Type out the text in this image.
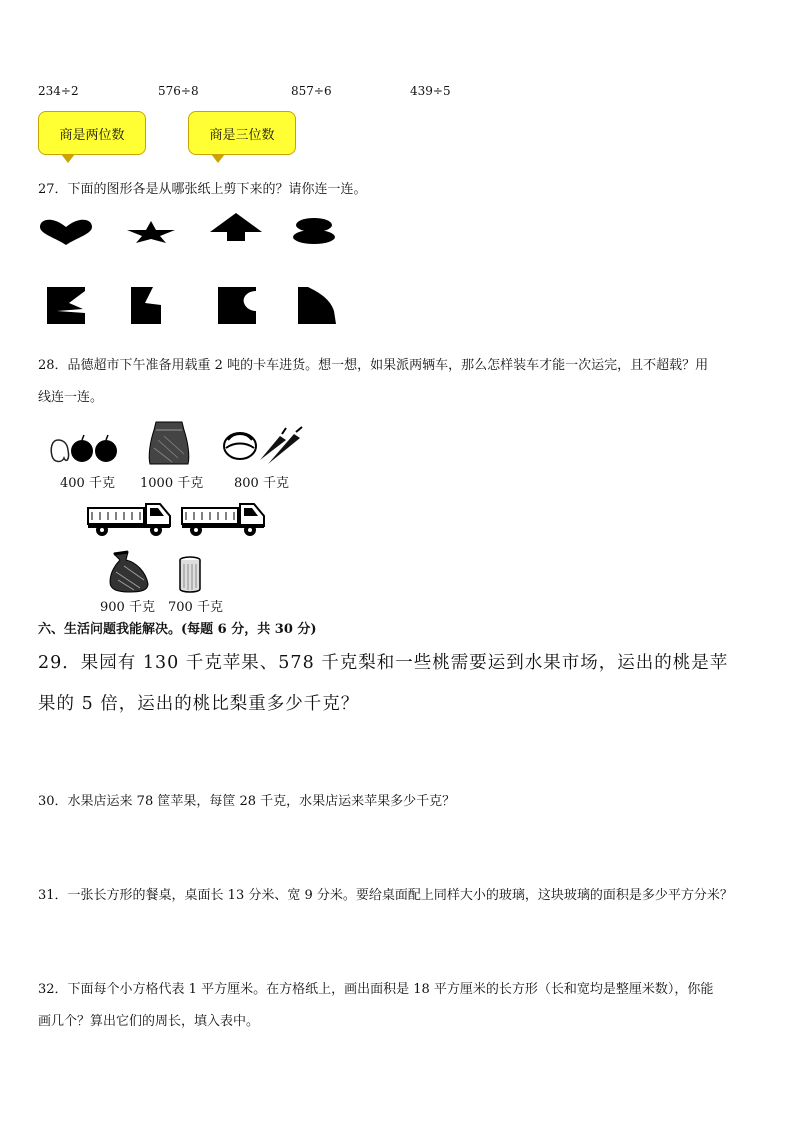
234÷2	576÷8	857÷6	439÷5
商是两位数	商是三位数
27．下面的图形各是从哪张纸上剪下来的？请你连一连。
28．品德超市下午准备用载重 2 吨的卡车进货。想一想，如果派两辆车，那么怎样装车才能一次运完，且不超载？用
线连一连。
400 千克 1000 千克 800 千克
900 千克 700 千克
六、生活问题我能解决。(每题 6 分，共 30 分)
29．果园有 130 千克苹果、578 千克梨和一些桃需要运到水果市场，运出的桃是苹
果的 5 倍，运出的桃比梨重多少千克？
30．水果店运来 78 筐苹果，每筐 28 千克，水果店运来苹果多少千克？
31．一张长方形的餐桌，桌面长 13 分米、宽 9 分米。要给桌面配上同样大小的玻璃，这块玻璃的面积是多少平方分米？
32．下面每个小方格代表 1 平方厘米。在方格纸上，画出面积是 18 平方厘米的长方形（长和宽均是整厘米数），你能
画几个？算出它们的周长，填入表中。
